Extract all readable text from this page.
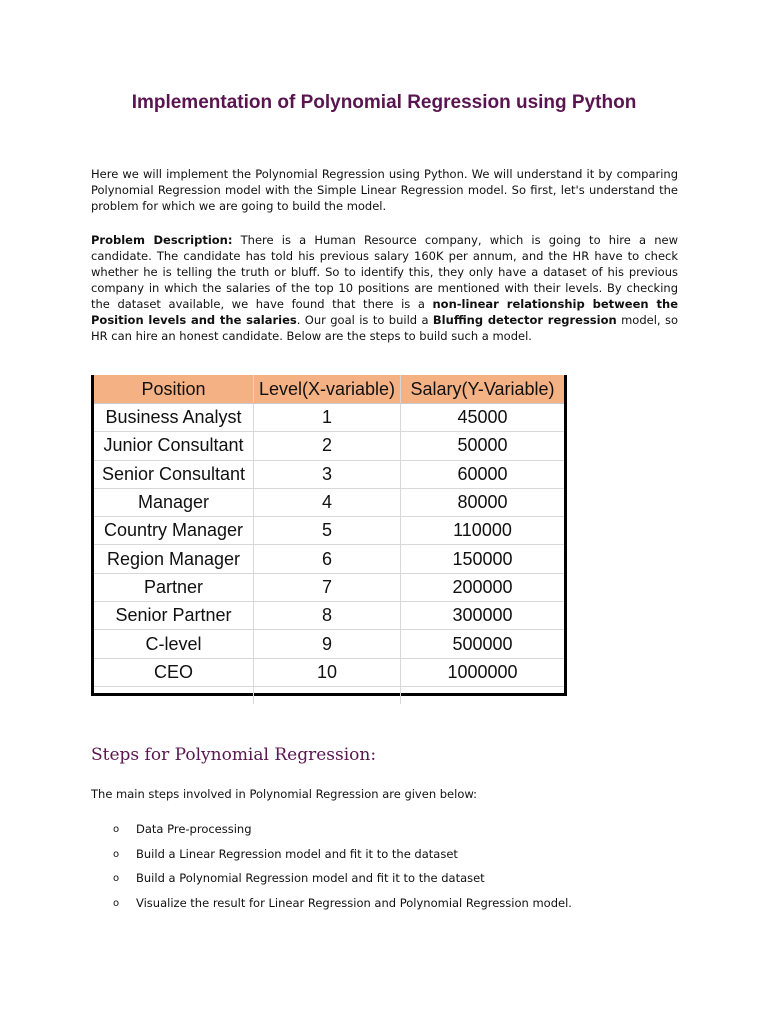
Implementation of Polynomial Regression using Python

Here we will implement the Polynomial Regression using Python. We will understand it by comparing Polynomial Regression model with the Simple Linear Regression model. So first, let's understand the problem for which we are going to build the model.

Problem Description: There is a Human Resource company, which is going to hire a new candidate. The candidate has told his previous salary 160K per annum, and the HR have to check whether he is telling the truth or bluff. So to identify this, they only have a dataset of his previous company in which the salaries of the top 10 positions are mentioned with their levels. By checking the dataset available, we have found that there is a non-linear relationship between the Position levels and the salaries. Our goal is to build a Bluffing detector regression model, so HR can hire an honest candidate. Below are the steps to build such a model.

Position	Level(X-variable) Salary(Y-Variable)
Business Analyst	1	45000
Junior Consultant	2	50000
Senior Consultant	3	60000
Manager	4	80000
Country Manager	5	110000
Region Manager	6	150000
Partner	7	200000
Senior Partner	8	300000
C-level	9	500000
CEO	10	1000000
Steps for Polynomial Regression:
The main steps involved in Polynomial Regression are given below:
o	Data Pre-processing
o	Build a Linear Regression model and fit it to the dataset
o	Build a Polynomial Regression model and fit it to the dataset
o	Visualize the result for Linear Regression and Polynomial Regression model.
